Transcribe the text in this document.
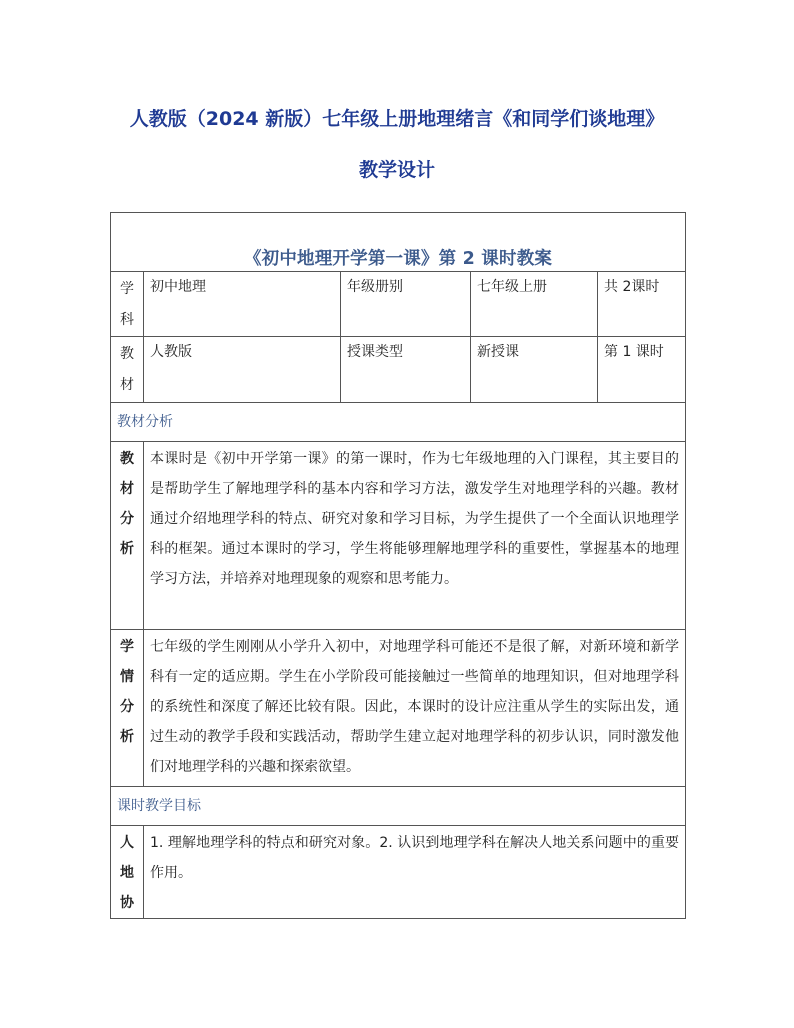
人教版（2024 新版）七年级上册地理绪言《和同学们谈地理》
教学设计
《初中地理开学第一课》第 2 课时教案				

学
科	初中地理	年级册别	七年级上册	共 2课时

教
材	人教版	授课类型	新授课	第 1 课时
教材分析				

教
材
分
析	本课时是《初中开学第一课》的第一课时，作为七年级地理的入门课程，其主要目的是帮助学生了解地理学科的基本内容和学习方法，激发学生对地理学科的兴趣。教材通过介绍地理学科的特点、研究对象和学习目标，为学生提供了一个全面认识地理学科的框架。通过本课时的学习，学生将能够理解地理学科的重要性，掌握基本的地理学习方法，并培养对地理现象的观察和思考能力。			

学
情
分
析	七年级的学生刚刚从小学升入初中，对地理学科可能还不是很了解，对新环境和新学科有一定的适应期。学生在小学阶段可能接触过一些简单的地理知识，但对地理学科的系统性和深度了解还比较有限。因此，本课时的设计应注重从学生的实际出发，通过生动的教学手段和实践活动，帮助学生建立起对地理学科的初步认识，同时激发他们对地理学科的兴趣和探索欲望。			
课时教学目标				

人
地
协	1. 理解地理学科的特点和研究对象。2. 认识到地理学科在解决人地关系问题中的重要作用。			
